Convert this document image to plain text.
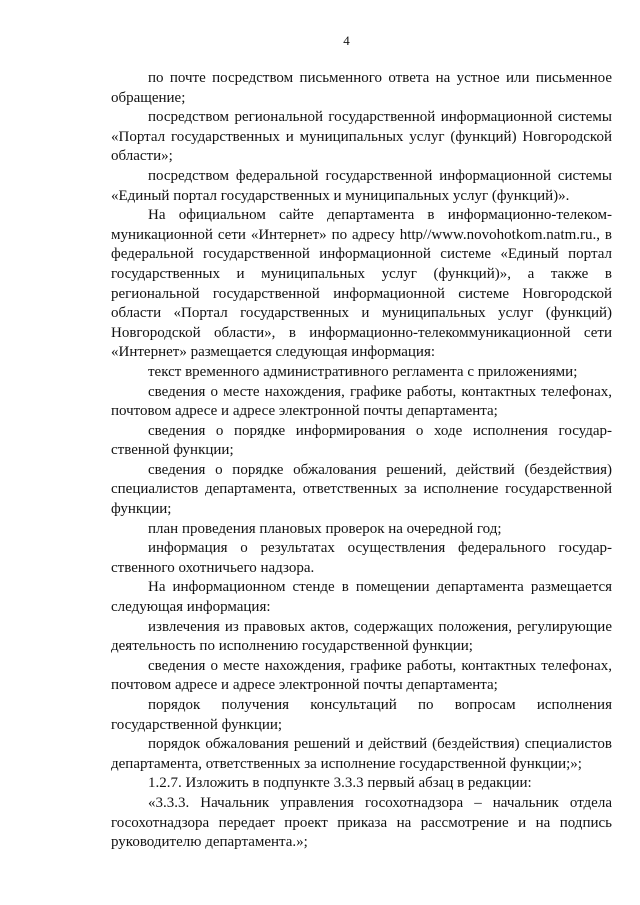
4

по почте посредством письменного ответа на устное или письменное обращение;

посредством региональной государственной информационной системы «Портал государственных и муниципальных услуг (функций) Новгородской области»;

посредством федеральной государственной информационной системы «Единый портал государственных и муниципальных услуг (функций)».

На официальном сайте департамента в информационно-телеком-муникационной сети «Интернет» по адресу http//www.novohotkom.natm.ru., в федеральной государственной информационной системе «Единый портал государственных и муниципальных услуг (функций)», а также в региональной государственной информационной системе Новгородской области «Портал государственных и муниципальных услуг (функций) Новгородской области», в информационно-телекоммуникационной сети «Интернет» размещается следующая информация:

текст временного административного регламента с приложениями;

сведения о месте нахождения, графике работы, контактных телефонах, почтовом адресе и адресе электронной почты департамента;

сведения о порядке информирования о ходе исполнения государ-ственной функции;

сведения о порядке обжалования решений, действий (бездействия) специалистов департамента, ответственных за исполнение государственной функции;

план проведения плановых проверок на очередной год;

информация о результатах осуществления федерального государ-ственного охотничьего надзора.

На информационном стенде в помещении департамента размещается следующая информация:

извлечения из правовых актов, содержащих положения, регулирующие деятельность по исполнению государственной функции;

сведения о месте нахождения, графике работы, контактных телефонах, почтовом адресе и адресе электронной почты департамента;

порядок получения консультаций по вопросам исполнения государственной функции;

порядок обжалования решений и действий (бездействия) специалистов департамента, ответственных за исполнение государственной функции;»;

1.2.7. Изложить в подпункте 3.3.3 первый абзац в редакции:

«3.3.3. Начальник управления госохотнадзора – начальник отдела госохотнадзора передает проект приказа на рассмотрение и на подпись руководителю департамента.»;
